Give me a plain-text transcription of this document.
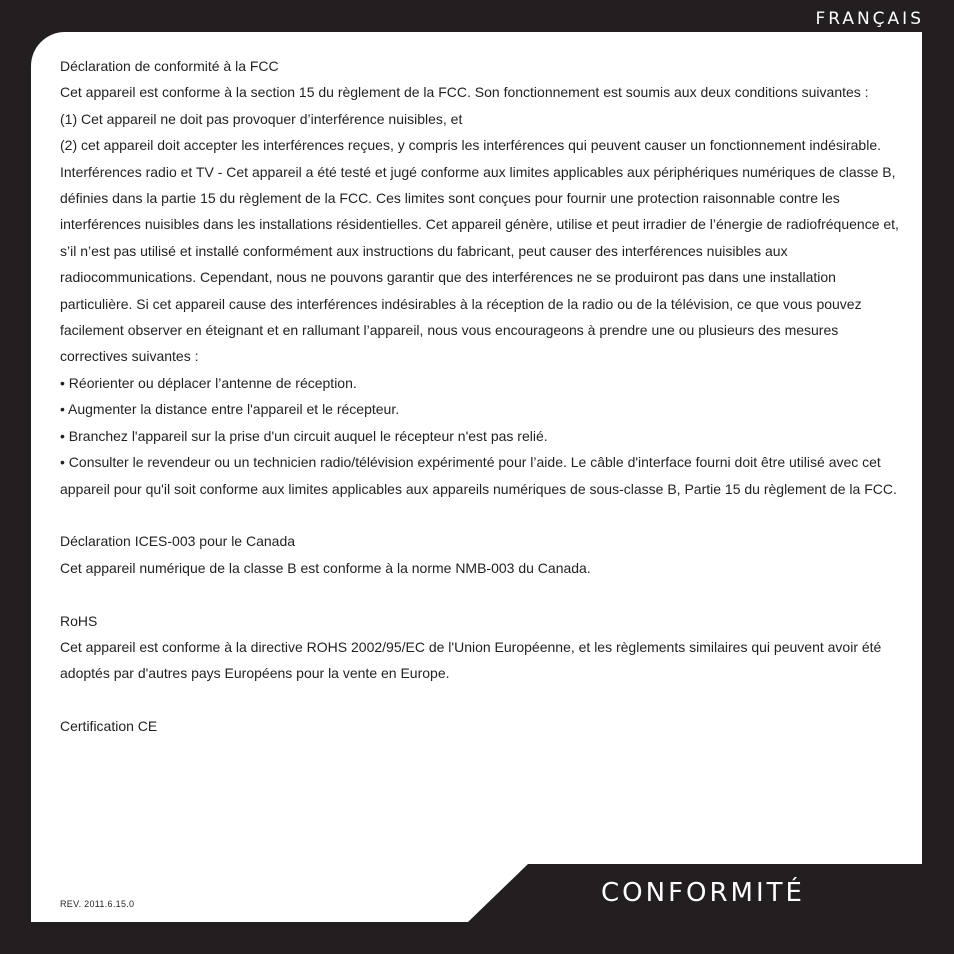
FRANÇAIS

Déclaration de conformité à la FCC

Cet appareil est conforme à la section 15 du règlement de la FCC. Son fonctionnement est soumis aux deux conditions suivantes :

(1) Cet appareil ne doit pas provoquer d’interférence nuisibles, et

(2) cet appareil doit accepter les interférences reçues, y compris les interférences qui peuvent causer un fonctionnement indésirable.

Interférences radio et TV - Cet appareil a été testé et jugé conforme aux limites applicables aux périphériques numériques de classe B, définies dans la partie 15 du règlement de la FCC. Ces limites sont conçues pour fournir une protection raisonnable contre les interférences nuisibles dans les installations résidentielles. Cet appareil génère, utilise et peut irradier de l’énergie de radiofréquence et, s’il n’est pas utilisé et installé conformément aux instructions du fabricant, peut causer des interférences nuisibles aux radiocommunications. Cependant, nous ne pouvons garantir que des interférences ne se produiront pas dans une installation particulière. Si cet appareil cause des interférences indésirables à la réception de la radio ou de la télévision, ce que vous pouvez facilement observer en éteignant et en rallumant l’appareil, nous vous encourageons à prendre une ou plusieurs des mesures correctives suivantes :

• Réorienter ou déplacer l’antenne de réception.

• Augmenter la distance entre l'appareil et le récepteur.

• Branchez l'appareil sur la prise d'un circuit auquel le récepteur n'est pas relié.

• Consulter le revendeur ou un technicien radio/télévision expérimenté pour l’aide. Le câble d'interface fourni doit être utilisé avec cet appareil pour qu'il soit conforme aux limites applicables aux appareils numériques de sous-classe B, Partie 15 du règlement de la FCC.

Déclaration ICES-003 pour le Canada

Cet appareil numérique de la classe B est conforme à la norme NMB-003 du Canada.

RoHS

Cet appareil est conforme à la directive ROHS 2002/95/EC de l'Union Européenne, et les règlements similaires qui peuvent avoir été adoptés par d'autres pays Européens pour la vente en Europe.

Certification CE

REV. 2011.6.15.0	CONFORMITÉ
